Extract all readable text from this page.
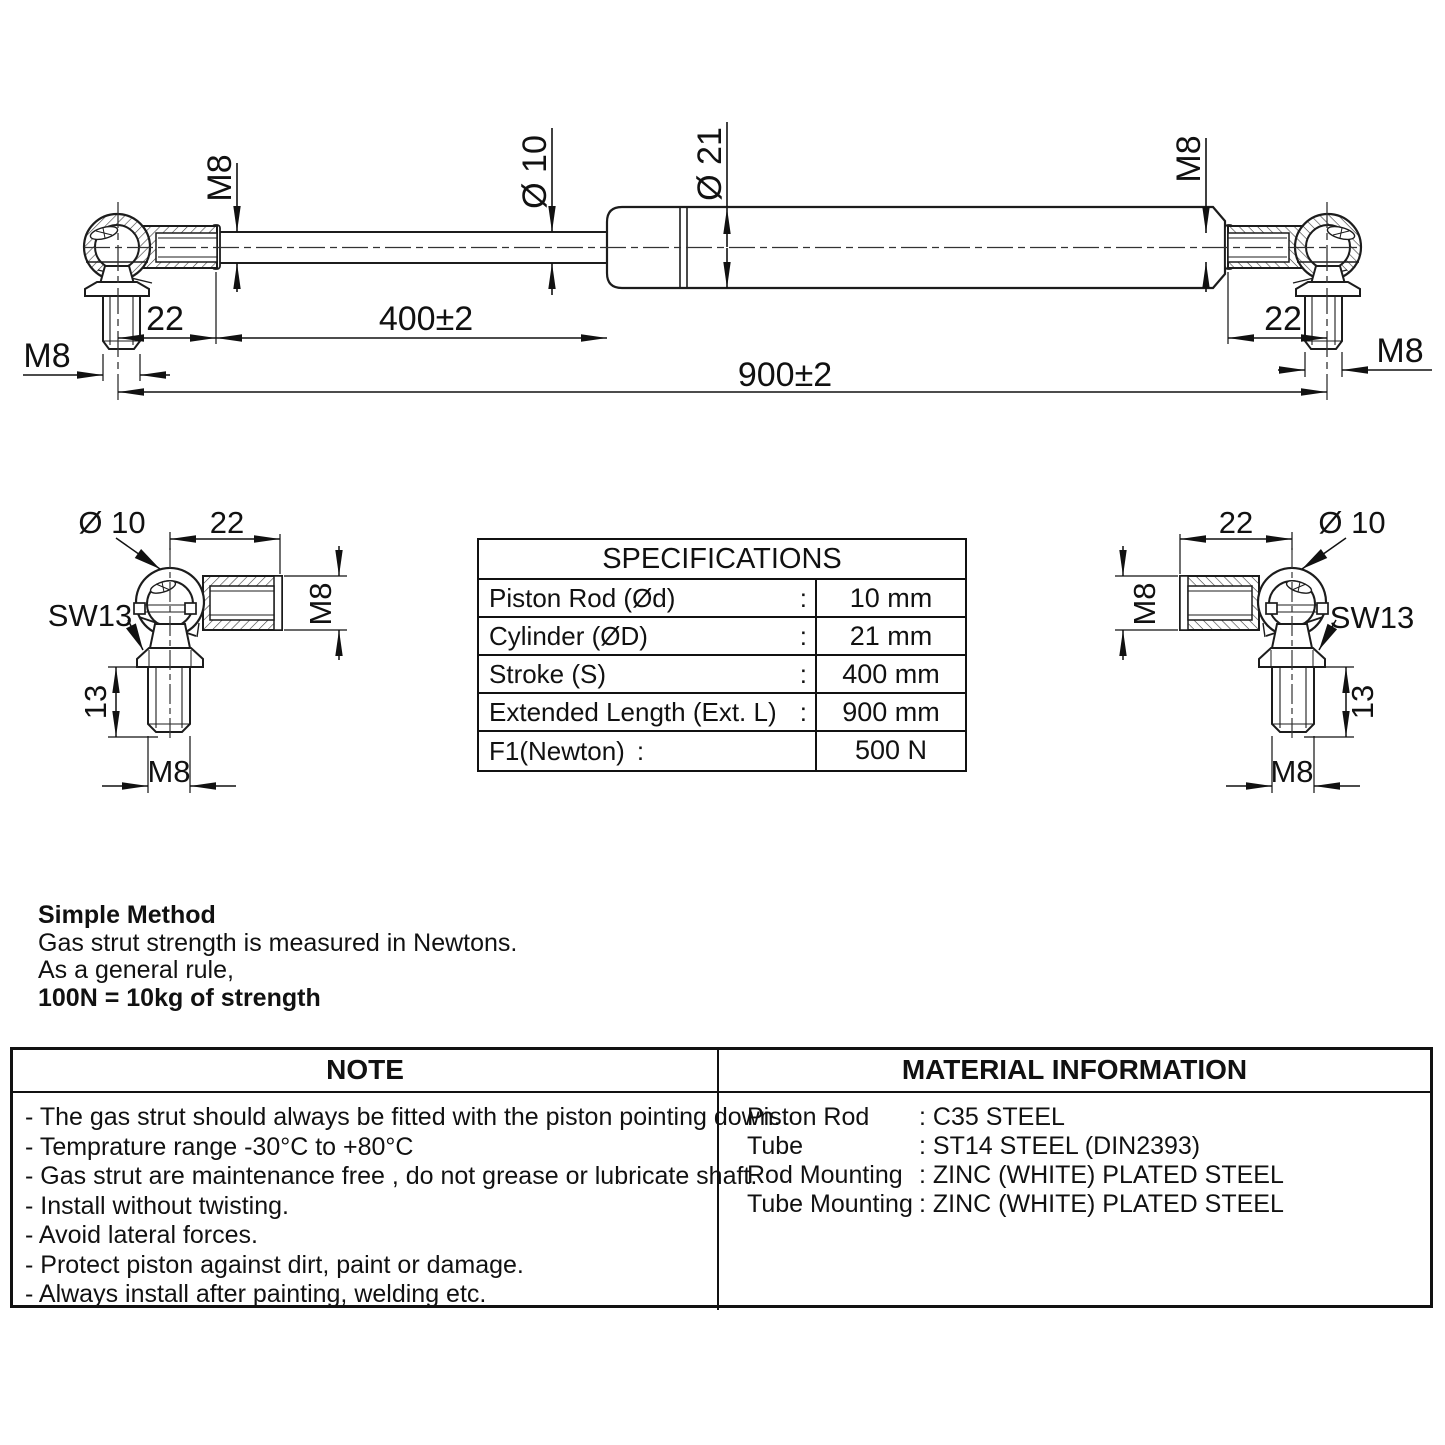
M8	Ø 10	Ø 21	M8
22	400±2
M8	900±2
22
M8
Ø 10 22
SW13	M8
13
M8
22 Ø 10
M8	SW13
13
M8
SPECIFICATIONS
Piston Rod (Ød)	:	10 mm
Cylinder (ØD)	:	21 mm
Stroke (S)	:	400 mm
Extended Length (Ext. L) :	900 mm
F1(Newton) :	500 N
Simple Method
Gas strut strength is measured in Newtons.
As a general rule,
100N = 10kg of strength
NOTE	MATERIAL INFORMATION
- The gas strut should always be fitted with the piston pointing down.
- Temprature range -30°C to +80°C
- Gas strut are maintenance free , do not grease or lubricate shaft.
- Install without twisting.
- Avoid lateral forces.
- Protect piston against dirt, paint or damage.
- Always install after painting, welding etc.
Piston Rod	: C35 STEEL
Tube	: ST14 STEEL (DIN2393)
Rod Mounting : ZINC (WHITE) PLATED STEEL
Tube Mounting : ZINC (WHITE) PLATED STEEL
